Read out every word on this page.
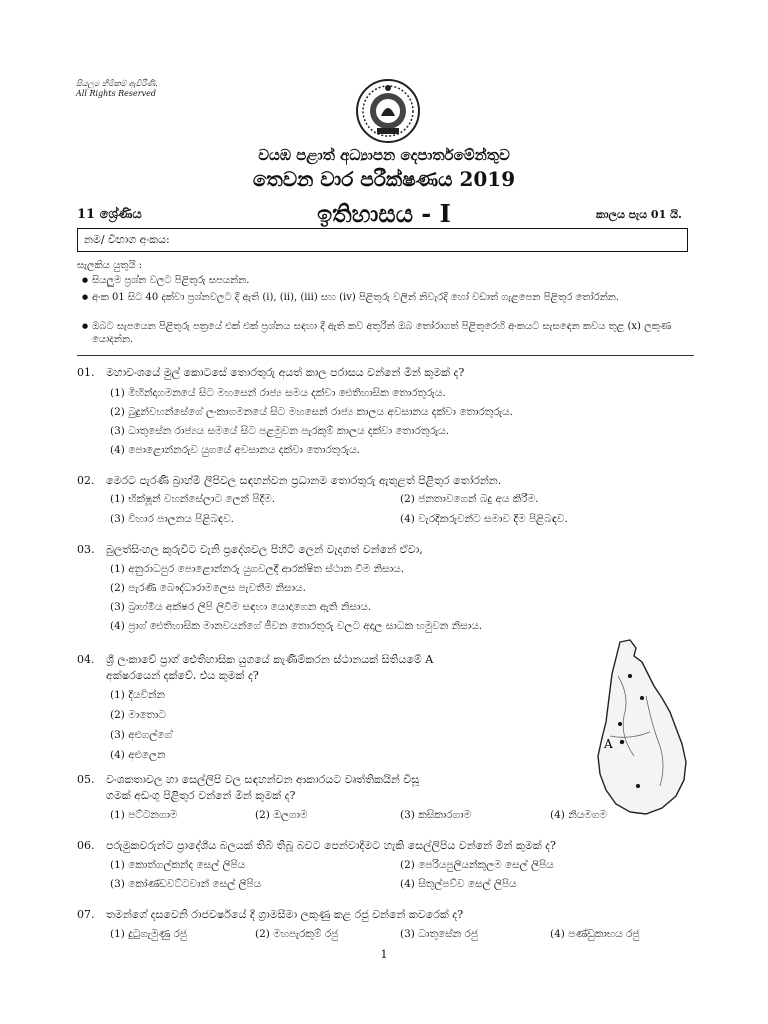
සියලුම හිමිකම් ඇවිරිණි.
All Rights Reserved
වයඹ පළාත් අධ්‍යාපන දෙපාර්තමේන්තුව
තෙවන වාර පරීක්ෂණය 2019
11 ශ්‍රේණිය	ඉතිහාසය - I	කාලය පැය 01 යි.
නම/ විභාග අංකය:
සැලකිය යුතුයි :
● සියලුම ප්‍රශ්න වලට පිළිතුරු සපයන්න.
● අංක 01 සිට 40 දක්වා ප්‍රශ්නවලට දී ඇති (i), (ii), (iii) සහ (iv) පිළිතුරු වලින් නිවැරදි හෝ වඩාත් ගැළපෙන පිළිතුර තෝරන්න.
● ඔබට සැපයෙන පිළිතුරු පත්‍රයේ එක් එක් ප්‍රශ්නය සඳහා දී ඇති කව අතුරින් ඔබ තෝරාගත් පිළිතුරෙහි අංකයට සැසඳෙන කවය තුළ (x) ලකුණ යොදන්න.
01. මහාවංශයේ මුල් කොටසේ තොරතුරු අයත් කාල පරාසය වන්නේ මින් කුමක් ද?
(1) මිහින්දාගමනයේ සිට මහසෙන් රාජ්‍ය සමය දක්වා ඓතිහාසික තොරතුරුය.
(2) බුදුන්වහන්සේගේ ලංකාගමනයේ සිට මහසෙන් රාජ්‍ය කාලය අවසානය දක්වා තොරතුරුය.
(3) ධාතුසේන රාජ්‍යය සමයේ සිට පළමුවන පැරකුම් කාලය දක්වා තොරතුරුය.
(4) පොළොන්නරුව යුගයේ අවසානය දක්වා තොරතුරුය.
02. මෙරට පැරණි බ්‍රාහ්මී ලිපිවල සඳහන්වන ප්‍රධානම තොරතුරු ඇතුළත් පිළිතුර තෝරන්න.
(1) භික්ෂූන් වහන්සේලාට ලෙන් පිදීම.	(2) ජනතාවගෙන් බදු අය කිරීම.
(3) විහාර පාලනය පිළිබඳව.	(4) වැරදිකරුවන්ට සමාව දීම පිළිබඳව.
03. බුලත්සිංහල කුරුවිට වැනි ප්‍රදේශවල පිහිටි ලෙන් වැදගත් වන්නේ ඒවා,
(1) අනුරාධපුර පොළොන්නරු යුගවලදී ආරක්ෂිත ස්ථාන වීම නිසාය.
(2) පැරණි බෞද්ධාරාමලෙස පැවතීම නිසාය.
(3) බ්‍රාහ්මීය අක්ෂර ලිපි ලිවීම සඳහා යොදාගෙන ඇති නිසාය.
(4) ප්‍රාග් ඓතිහාසික මානවයන්ගේ ජීවන තොරතුරු වලට අදාල සාධක හමුවන නිසාය.
04. ශ්‍රී ලංකාවේ ප්‍රාග් ඓතිහාසික යුගයේ කැණීම්කරන ස්ථානයක් සිතියමේ A
අක්ෂරයෙන් දක්වේ. එය කුමක් ද?
(1) දියවින්න
(2) මාතොට
(3) අළුගල්ගේ
(4) අළුලෙන
A
05. වංශකතාවල හා සෙල්ලිපි වල සඳහන්වන ආකාරයට වෘත්තිකයින් විසූ
ගමක් අඩංගු පිළිතුර වන්නේ මින් කුමක් ද?
(1) පට්ටනගාම	(2) ඔලගාම	(3) කසිකාරගාම	(4) නියමගම
06. පරුමුකවරුන්ට ප්‍රාදේශීය බලයක් තිබී තිබූ බවට පෙන්වාදීමට හැකි සෙල්ලිපිය වන්නේ මින් කුමක් ද?
(1) කොත්ගල්කන්ද සෙල් ලිපිය	(2) පෙරියපුලියන්කුලම සෙල් ලිපිය
(3) කෝණ්ඩවට්ටවාන් සෙල් ලිපිය	(4) සිතුල්පව්ව සෙල් ලිපිය
07. තමන්ගේ දසවෙනි රාජවර්ෂයේ දී ග්‍රාමසීමා ලකුණු කළ රජු වන්නේ කවරෙක් ද?
(1) දුටුගැමුණු රජු	(2) මහපැරකුම් රජු	(3) ධාතුසේන රජු	(4) පණ්ඩුකාභය රජු
1
